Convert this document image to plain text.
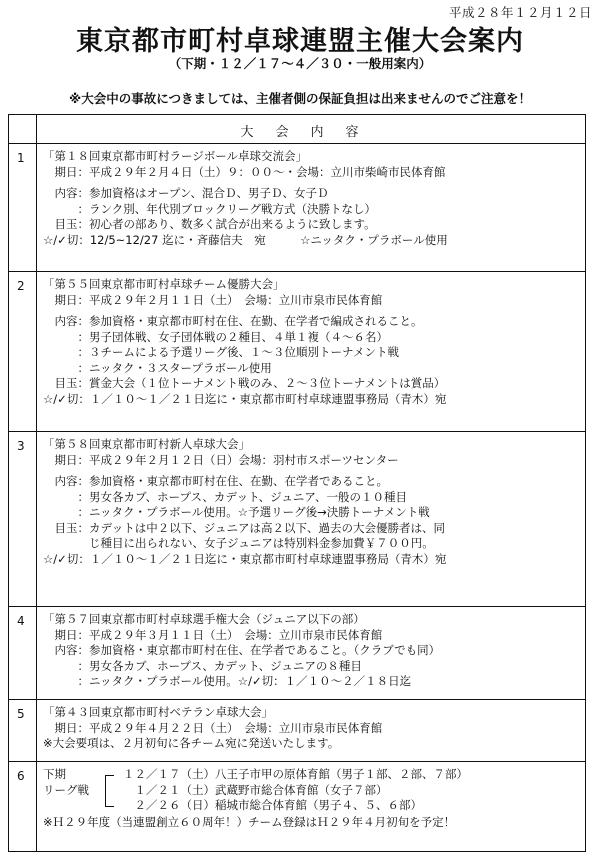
平成２８年１２月１２日
東京都市町村卓球連盟主催大会案内
（下期・１２／１７～４／３０・一般用案内）
※大会中の事故につきましては、主催者側の保証負担は出来ませんのでご注意を！
大会内容
1 「第１８回東京都市町村ラージボール卓球交流会」
　期日：平成２９年２月４日（土）９：００～・会場：立川市柴崎市民体育館
　内容：参加資格はオープン、混合Ｄ、男子Ｄ、女子Ｄ
　　　：ランク別、年代別ブロックリーグ戦方式（決勝トなし）
　目玉：初心者の部あり、数多く試合が出来るように致します。
☆/✓切：12/5~12/27 迄に・斉藤信夫　宛　　　☆ニッタク・プラボール使用
2 「第５５回東京都市町村卓球チーム優勝大会」
　期日：平成２９年２月１１日（土）　会場：立川市泉市民体育館
　内容：参加資格・東京都市町村在住、在勤、在学者で編成されること。
　　　：男子団体戦、女子団体戦の２種目、４単１複（４～６名）
　　　：３チームによる予選リーグ後、１～３位順別トーナメント戦
　　　：ニッタク・３スタープラボール使用
　目玉：賞金大会（１位トーナメント戦のみ、２～３位トーナメントは賞品）
☆/✓切：１／１０～１／２１日迄に・東京都市町村卓球連盟事務局（青木）宛
3 「第５８回東京都市町村新人卓球大会」
　期日：平成２９年２月１２日（日）会場：羽村市スポーツセンター
　内容：参加資格・東京都市町村在住、在勤、在学者であること。
　　　：男女各カブ、ホープス、カデット、ジュニア、一般の１０種目
　　　：ニッタク・プラボール使用。☆予選リーグ後→決勝トーナメント戦
　目玉：カデットは中２以下、ジュニアは高２以下、過去の大会優勝者は、同
　　　　じ種目に出られない、女子ジュニアは特別料金参加費￥７００円。
☆/✓切：１／１０～１／２１日迄に・東京都市町村卓球連盟事務局（青木）宛
4 「第５７回東京都市町村卓球選手権大会（ジュニア以下の部）
　期日：平成２９年３月１１日（土）　会場：立川市泉市民体育館
　内容：参加資格・東京都市町村在住、在学者であること。（クラブでも同）
　　　：男女各カブ、ホープス、カデット、ジュニアの８種目
　　　：ニッタク・プラボール使用。☆/✓切：１／１０～２／１８日迄
5 「第４３回東京都市町村ベテラン卓球大会」
　期日：平成２９年４月２２日（土）　会場：立川市泉市民体育館
※大会要項は、２月初旬に各チーム宛に発送いたします。
6 下期
リーグ戦
１２／１７（土）八王子市甲の原体育館（男子１部、２部、７部）
　１／２１（土）武蔵野市総合体育館（女子７部）
　２／２６（日）稲城市総合体育館（男子４、５、６部）
※Ｈ２９年度（当連盟創立６０周年！）チーム登録はＨ２９年４月初旬を予定！
